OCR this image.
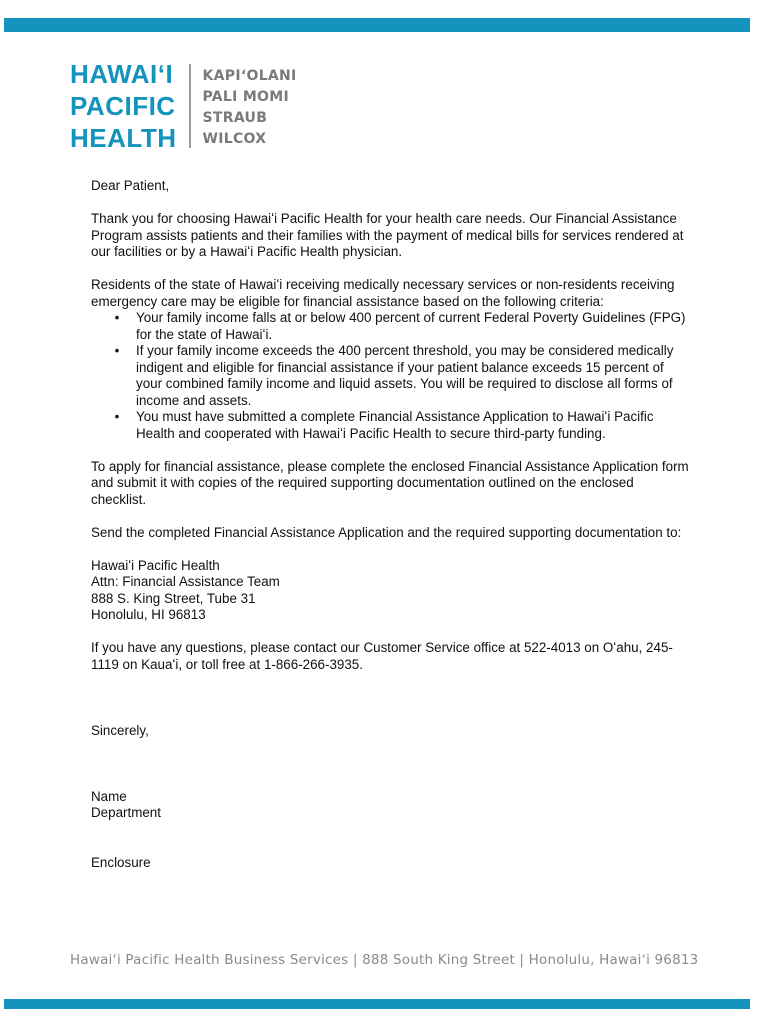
HAWAIʻI
PACIFIC
HEALTH
KAPIʻOLANI
PALI MOMI
STRAUB
WILCOX

Dear Patient,

Thank you for choosing Hawaiʻi Pacific Health for your health care needs. Our Financial Assistance Program assists patients and their families with the payment of medical bills for services rendered at our facilities or by a Hawaiʻi Pacific Health physician.

Residents of the state of Hawaiʻi receiving medically necessary services or non-residents receiving emergency care may be eligible for financial assistance based on the following criteria:

• Your family income falls at or below 400 percent of current Federal Poverty Guidelines (FPG) for the state of Hawaiʻi.
• If your family income exceeds the 400 percent threshold, you may be considered medically indigent and eligible for financial assistance if your patient balance exceeds 15 percent of your combined family income and liquid assets. You will be required to disclose all forms of income and assets.
• You must have submitted a complete Financial Assistance Application to Hawaiʻi Pacific Health and cooperated with Hawaiʻi Pacific Health to secure third-party funding.

To apply for financial assistance, please complete the enclosed Financial Assistance Application form and submit it with copies of the required supporting documentation outlined on the enclosed checklist.

Send the completed Financial Assistance Application and the required supporting documentation to:

Hawaiʻi Pacific Health

Attn: Financial Assistance Team

888 S. King Street, Tube 31

Honolulu, HI 96813

If you have any questions, please contact our Customer Service office at 522-4013 on Oʻahu, 245-1119 on Kauaʻi, or toll free at 1-866-266-3935.

Sincerely,

Name

Department

Enclosure

Hawaiʻi Pacific Health Business Services | 888 South King Street | Honolulu, Hawaiʻi 96813
